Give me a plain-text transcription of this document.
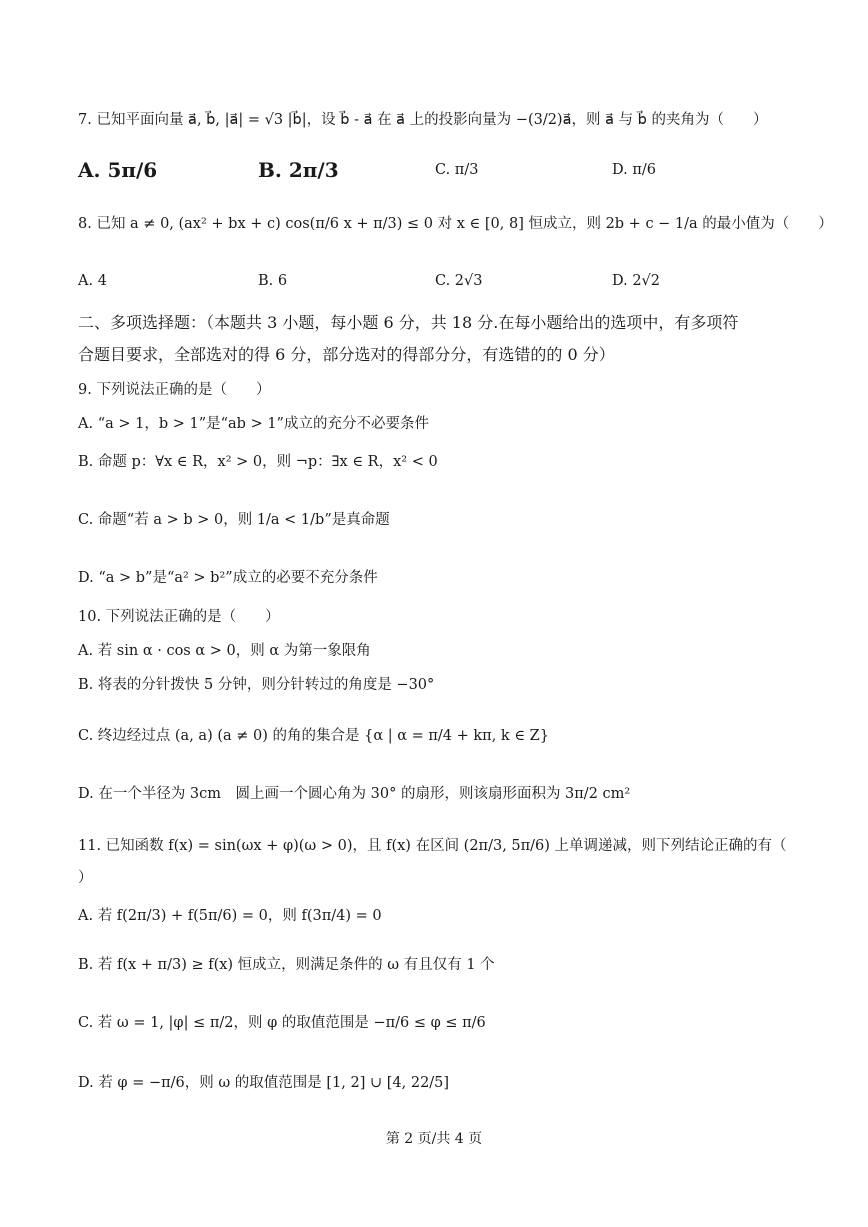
7. 已知平面向量 a⃗, b⃗, |a⃗| = √3 |b⃗|，设 b⃗ - a⃗ 在 a⃗ 上的投影向量为 −(3/2)a⃗，则 a⃗ 与 b⃗ 的夹角为（　　）
A. 5π/6	B. 2π/3	C. π/3	D. π/6
8. 已知 a ≠ 0, (ax² + bx + c) cos(π/6 x + π/3) ≤ 0 对 x ∈ [0, 8] 恒成立，则 2b + c − 1/a 的最小值为（　　）
A. 4	B. 6	C. 2√3	D. 2√2
二、多项选择题：（本题共 3 小题，每小题 6 分，共 18 分.在每小题给出的选项中，有多项符
合题目要求，全部选对的得 6 分，部分选对的得部分分，有选错的的 0 分）
9. 下列说法正确的是（　　）
A. “a > 1，b > 1”是“ab > 1”成立的充分不必要条件
B. 命题 p：∀x ∈ R，x² > 0，则 ¬p：∃x ∈ R，x² < 0
C. 命题“若 a > b > 0，则 1/a < 1/b”是真命题
D. “a > b”是“a² > b²”成立的必要不充分条件
10. 下列说法正确的是（　　）
A. 若 sin α · cos α > 0，则 α 为第一象限角
B. 将表的分针拨快 5 分钟，则分针转过的角度是 −30°
C. 终边经过点 (a, a) (a ≠ 0) 的角的集合是 {α | α = π/4 + kπ, k ∈ Z}
D. 在一个半径为 3cm　圆上画一个圆心角为 30° 的扇形，则该扇形面积为 3π/2 cm²
11. 已知函数 f(x) = sin(ωx + φ)(ω > 0)，且 f(x) 在区间 (2π/3, 5π/6) 上单调递减，则下列结论正确的有（
）
A. 若 f(2π/3) + f(5π/6) = 0，则 f(3π/4) = 0
B. 若 f(x + π/3) ≥ f(x) 恒成立，则满足条件的 ω 有且仅有 1 个
C. 若 ω = 1, |φ| ≤ π/2，则 φ 的取值范围是 −π/6 ≤ φ ≤ π/6
D. 若 φ = −π/6，则 ω 的取值范围是 [1, 2] ∪ [4, 22/5]
第 2 页/共 4 页
